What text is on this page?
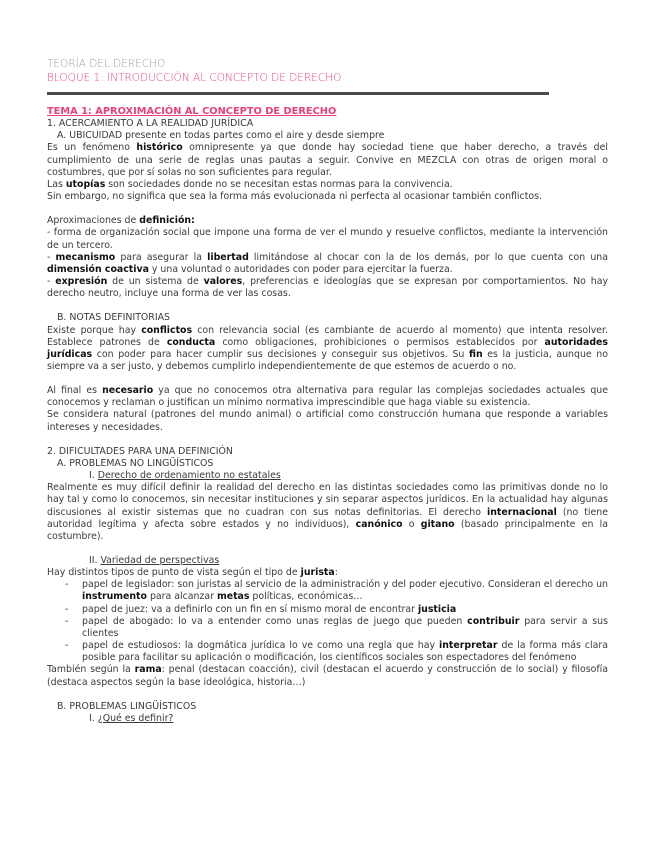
TEORÍA DEL DERECHO
BLOQUE 1: INTRODUCCIÓN AL CONCEPTO DE DERECHO

TEMA 1: APROXIMACIÓN AL CONCEPTO DE DERECHO

1. ACERCAMIENTO A LA REALIDAD JURÍDICA

A. UBICUIDAD presente en todas partes como el aire y desde siempre

Es un fenómeno histórico omnipresente ya que donde hay sociedad tiene que haber derecho, a través del cumplimiento de una serie de reglas unas pautas a seguir. Convive en MEZCLA con otras de origen moral o costumbres, que por sí solas no son suficientes para regular.

Las utopías son sociedades donde no se necesitan estas normas para la convivencia.

Sin embargo, no significa que sea la forma más evolucionada ni perfecta al ocasionar también conflictos.

Aproximaciones de definición:

- forma de organización social que impone una forma de ver el mundo y resuelve conflictos, mediante la intervención de un tercero.

- mecanismo para asegurar la libertad limitándose al chocar con la de los demás, por lo que cuenta con una dimensión coactiva y una voluntad o autoridades con poder para ejercitar la fuerza.

- expresión de un sistema de valores, preferencias e ideologías que se expresan por comportamientos. No hay derecho neutro, incluye una forma de ver las cosas.

B. NOTAS DEFINITORIAS

Existe porque hay conflictos con relevancia social (es cambiante de acuerdo al momento) que intenta resolver. Establece patrones de conducta como obligaciones, prohibiciones o permisos establecidos por autoridades jurídicas con poder para hacer cumplir sus decisiones y conseguir sus objetivos. Su fin es la justicia, aunque no siempre va a ser justo, y debemos cumplirlo independientemente de que estemos de acuerdo o no.

Al final es necesario ya que no conocemos otra alternativa para regular las complejas sociedades actuales que conocemos y reclaman o justifican un mínimo normativa imprescindible que haga viable su existencia.

Se considera natural (patrones del mundo animal) o artificial como construcción humana que responde a variables intereses y necesidades.

2. DIFICULTADES PARA UNA DEFINICIÓN

A. PROBLEMAS NO LINGÜÍSTICOS

I. Derecho de ordenamiento no estatales

Realmente es muy difícil definir la realidad del derecho en las distintas sociedades como las primitivas donde no lo hay tal y como lo conocemos, sin necesitar instituciones y sin separar aspectos jurídicos. En la actualidad hay algunas discusiones al existir sistemas que no cuadran con sus notas definitorias. El derecho internacional (no tiene autoridad legítima y afecta sobre estados y no individuos), canónico o gitano (basado principalmente en la costumbre).

II. Variedad de perspectivas

Hay distintos tipos de punto de vista según el tipo de jurista:

-	papel de legislador: son juristas al servicio de la administración y del poder ejecutivo. Consideran el derecho un instrumento para alcanzar metas políticas, económicas…
-	papel de juez: va a definirlo con un fin en sí mismo moral de encontrar justicia
-	papel de abogado: lo va a entender como unas reglas de juego que pueden contribuir para servir a sus clientes
-	papel de estudiosos: la dogmática jurídica lo ve como una regla que hay interpretar de la forma más clara posible para facilitar su aplicación o modificación, los científicos sociales son espectadores del fenómeno

También según la rama: penal (destacan coacción), civil (destacan el acuerdo y construcción de lo social) y filosofía (destaca aspectos según la base ideológica, historia…)

B. PROBLEMAS LINGÜÍSTICOS

I. ¿Qué es definir?
